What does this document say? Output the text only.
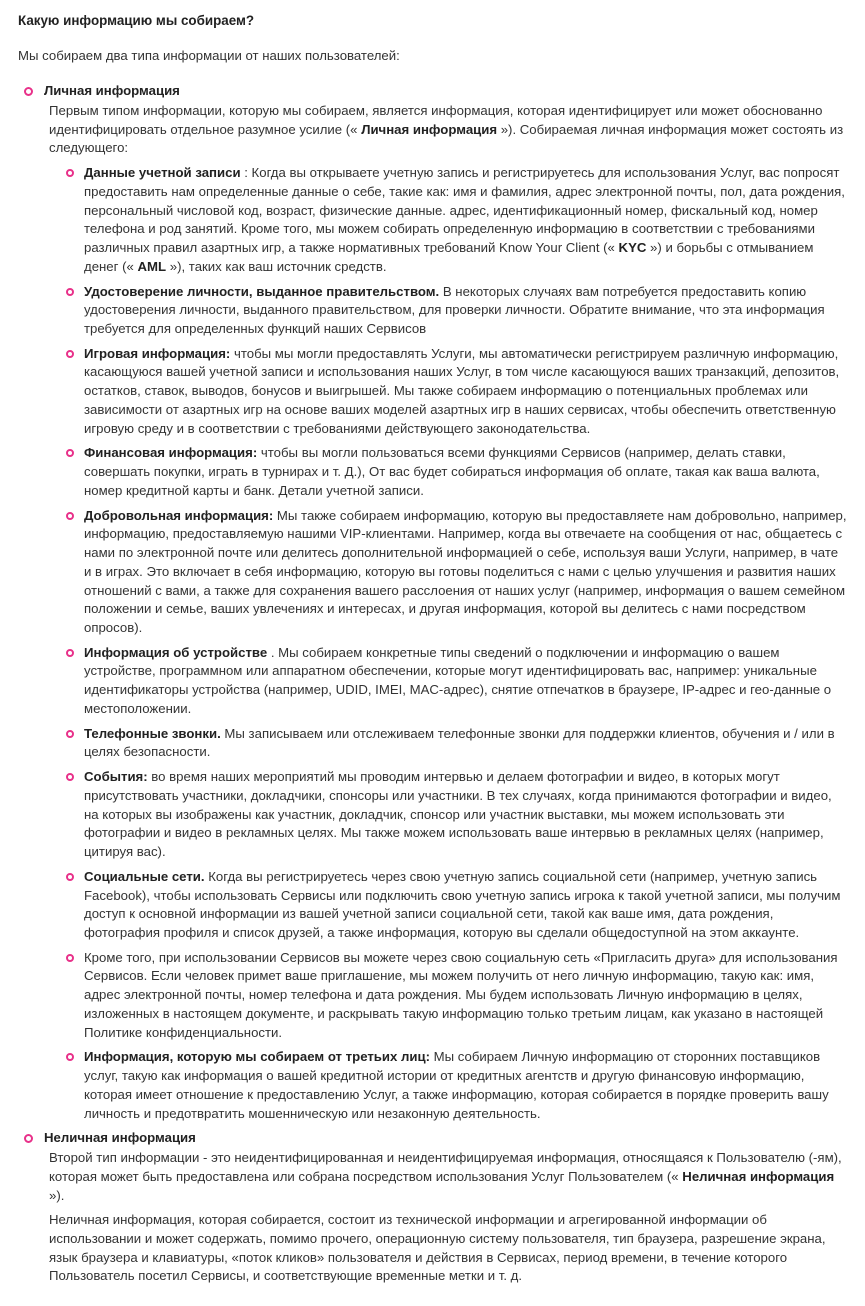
Какую информацию мы собираем?

Мы собираем два типа информации от наших пользователей:

Личная информация
Первым типом информации, которую мы собираем, является информация, которая идентифицирует или может обоснованно идентифицировать отдельное разумное усилие (« Личная информация »). Собираемая личная информация может состоять из следующего:
Данные учетной записи : Когда вы открываете учетную запись и регистрируетесь для использования Услуг, вас попросят предоставить нам определенные данные о себе, такие как: имя и фамилия, адрес электронной почты, пол, дата рождения, персональный числовой код, возраст, физические данные. адрес, идентификационный номер, фискальный код, номер телефона и род занятий. Кроме того, мы можем собирать определенную информацию в соответствии с требованиями различных правил азартных игр, а также нормативных требований Know Your Client (« KYC ») и борьбы с отмыванием денег (« AML »), таких как ваш источник средств.
Удостоверение личности, выданное правительством. В некоторых случаях вам потребуется предоставить копию удостоверения личности, выданного правительством, для проверки личности. Обратите внимание, что эта информация требуется для определенных функций наших Сервисов
Игровая информация: чтобы мы могли предоставлять Услуги, мы автоматически регистрируем различную информацию, касающуюся вашей учетной записи и использования наших Услуг, в том числе касающуюся ваших транзакций, депозитов, остатков, ставок, выводов, бонусов и выигрышей. Мы также собираем информацию о потенциальных проблемах или зависимости от азартных игр на основе ваших моделей азартных игр в наших сервисах, чтобы обеспечить ответственную игровую среду и в соответствии с требованиями действующего законодательства.
Финансовая информация: чтобы вы могли пользоваться всеми функциями Сервисов (например, делать ставки, совершать покупки, играть в турнирах и т. Д.), От вас будет собираться информация об оплате, такая как ваша валюта, номер кредитной карты и банк. Детали учетной записи.
Добровольная информация: Мы также собираем информацию, которую вы предоставляете нам добровольно, например, информацию, предоставляемую нашими VIP-клиентами. Например, когда вы отвечаете на сообщения от нас, общаетесь с нами по электронной почте или делитесь дополнительной информацией о себе, используя ваши Услуги, например, в чате и в играх. Это включает в себя информацию, которую вы готовы поделиться с нами с целью улучшения и развития наших отношений с вами, а также для сохранения вашего расслоения от наших услуг (например, информация о вашем семейном положении и семье, ваших увлечениях и интересах, и другая информация, которой вы делитесь с нами посредством опросов).
Информация об устройстве . Мы собираем конкретные типы сведений о подключении и информацию о вашем устройстве, программном или аппаратном обеспечении, которые могут идентифицировать вас, например: уникальные идентификаторы устройства (например, UDID, IMEI, MAC-адрес), снятие отпечатков в браузере, IP-адрес и гео-данные о местоположении.
Телефонные звонки. Мы записываем или отслеживаем телефонные звонки для поддержки клиентов, обучения и / или в целях безопасности.
События: во время наших мероприятий мы проводим интервью и делаем фотографии и видео, в которых могут присутствовать участники, докладчики, спонсоры или участники. В тех случаях, когда принимаются фотографии и видео, на которых вы изображены как участник, докладчик, спонсор или участник выставки, мы можем использовать эти фотографии и видео в рекламных целях. Мы также можем использовать ваше интервью в рекламных целях (например, цитируя вас).
Социальные сети. Когда вы регистрируетесь через свою учетную запись социальной сети (например, учетную запись Facebook), чтобы использовать Сервисы или подключить свою учетную запись игрока к такой учетной записи, мы получим доступ к основной информации из вашей учетной записи социальной сети, такой как ваше имя, дата рождения, фотография профиля и список друзей, а также информация, которую вы сделали общедоступной на этом аккаунте.
Кроме того, при использовании Сервисов вы можете через свою социальную сеть «Пригласить друга» для использования Сервисов. Если человек примет ваше приглашение, мы можем получить от него личную информацию, такую как: имя, адрес электронной почты, номер телефона и дата рождения. Мы будем использовать Личную информацию в целях, изложенных в настоящем документе, и раскрывать такую информацию только третьим лицам, как указано в настоящей Политике конфиденциальности.
Информация, которую мы собираем от третьих лиц: Мы собираем Личную информацию от сторонних поставщиков услуг, такую как информация о вашей кредитной истории от кредитных агентств и другую финансовую информацию, которая имеет отношение к предоставлению Услуг, а также информацию, которая собирается в порядке проверить вашу личность и предотвратить мошенническую или незаконную деятельность.
Неличная информация
Второй тип информации - это неидентифицированная и неидентифицируемая информация, относящаяся к Пользователю (-ям), которая может быть предоставлена или собрана посредством использования Услуг Пользователем (« Неличная информация »).
Неличная информация, которая собирается, состоит из технической информации и агрегированной информации об использовании и может содержать, помимо прочего, операционную систему пользователя, тип браузера, разрешение экрана, язык браузера и клавиатуры, «поток кликов» пользователя и действия в Сервисах, период времени, в течение которого Пользователь посетил Сервисы, и соответствующие временные метки и т. д.
